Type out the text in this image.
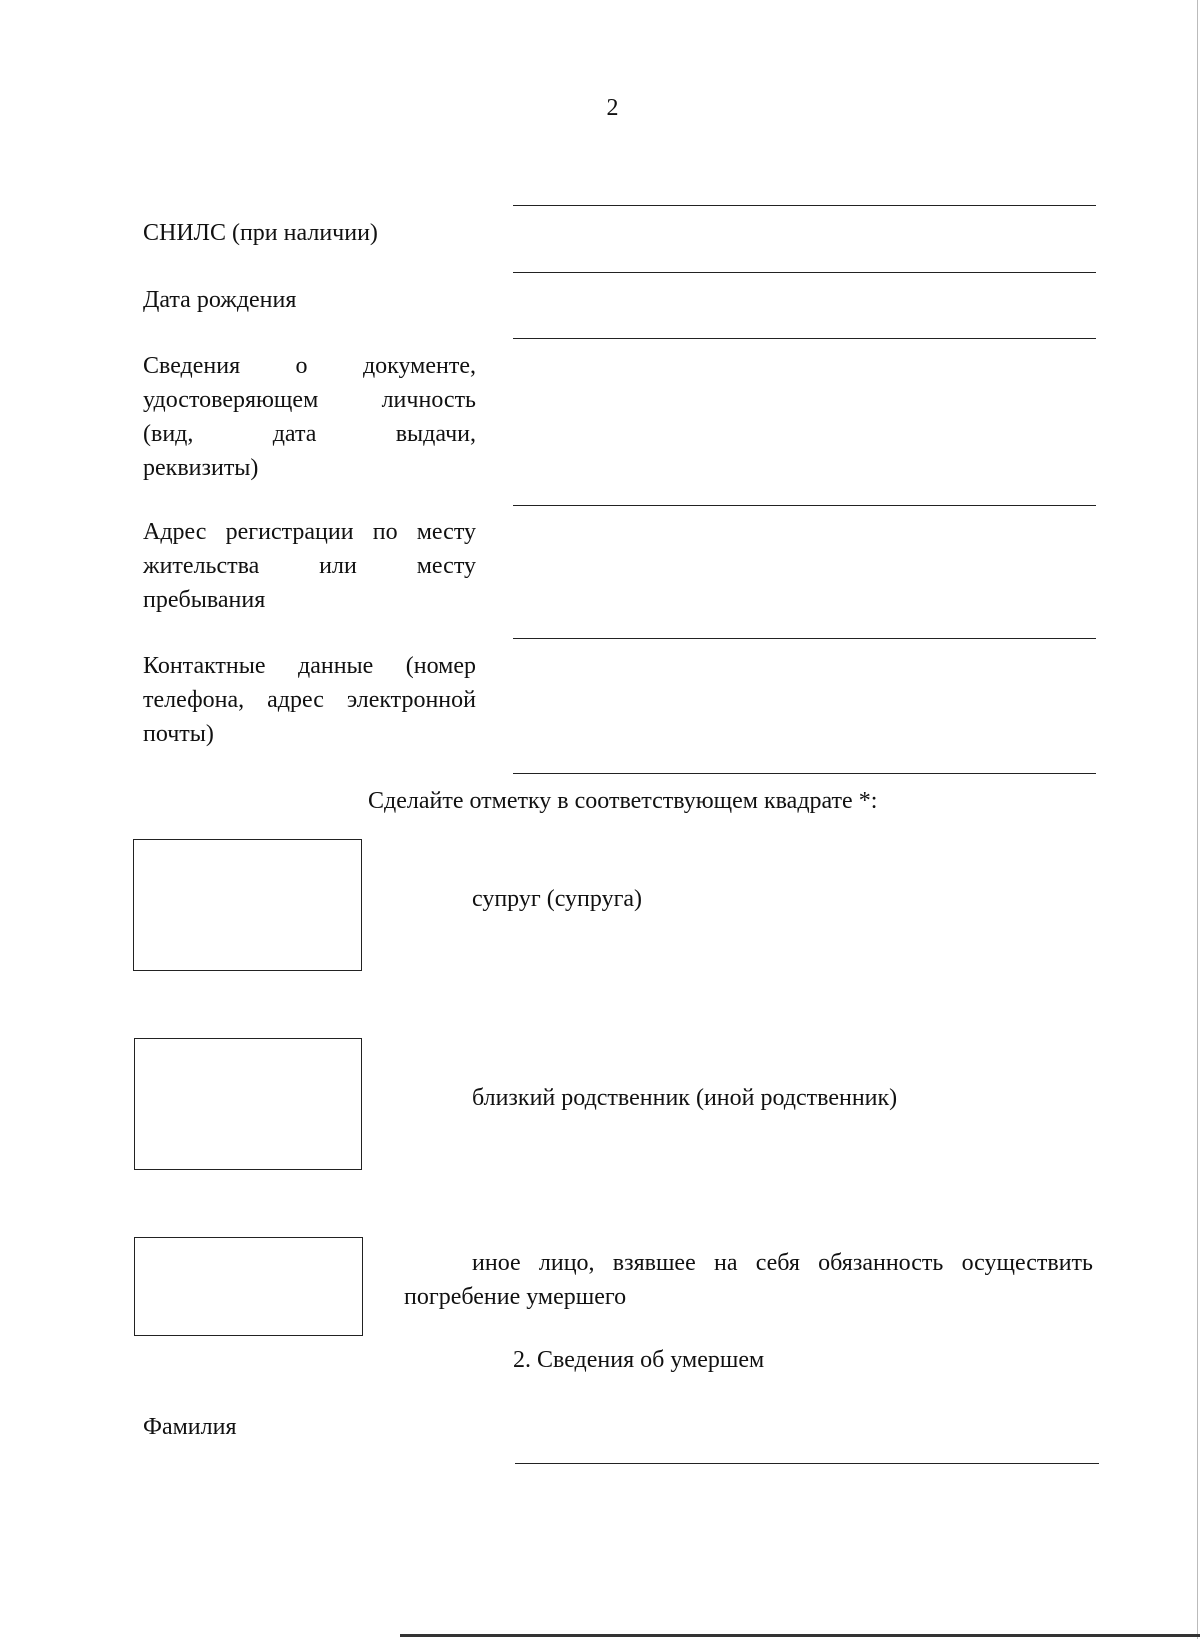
2
СНИЛС (при наличии)
Дата рождения
Сведения о документе,
удостоверяющем личность
(вид, дата выдачи,
реквизиты)
Адрес регистрации по месту
жительства или месту
пребывания
Контактные данные (номер
телефона, адрес электронной
почты)
Сделайте отметку в соответствующем квадрате *:
супруг (супруга)
близкий родственник (иной родственник)
иное лицо, взявшее на себя обязанность осуществить
погребение умершего
2. Сведения об умершем
Фамилия
